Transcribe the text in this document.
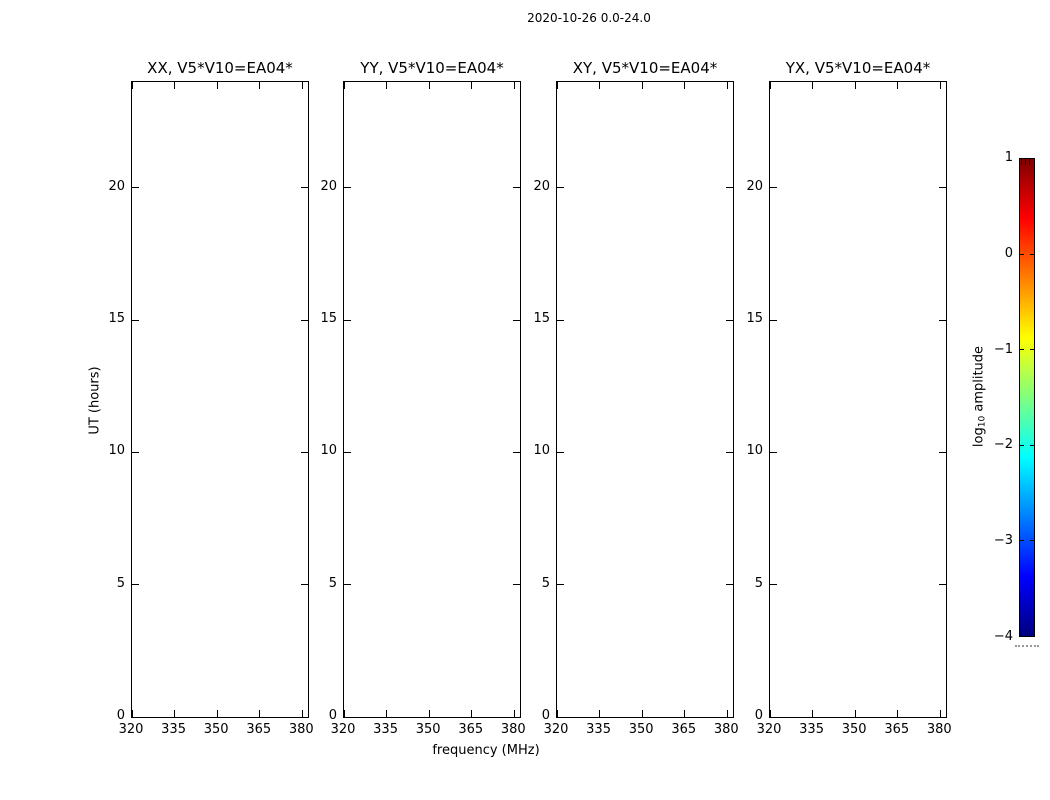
2020-10-26 0.0-24.0
UT (hours)
frequency (MHz)
XX, V5*V10=EA04*
320	335	350	365	380
0
5
10
15
20
YY, V5*V10=EA04*
320	335	350	365	380
0
5
10
15
20
XY, V5*V10=EA04*
320	335	350	365	380
0
5
10
15
20
YX, V5*V10=EA04*
320	335	350	365	380
0
5
10
15
20
1
0
−1
−2
−3
−4
log10 amplitude
